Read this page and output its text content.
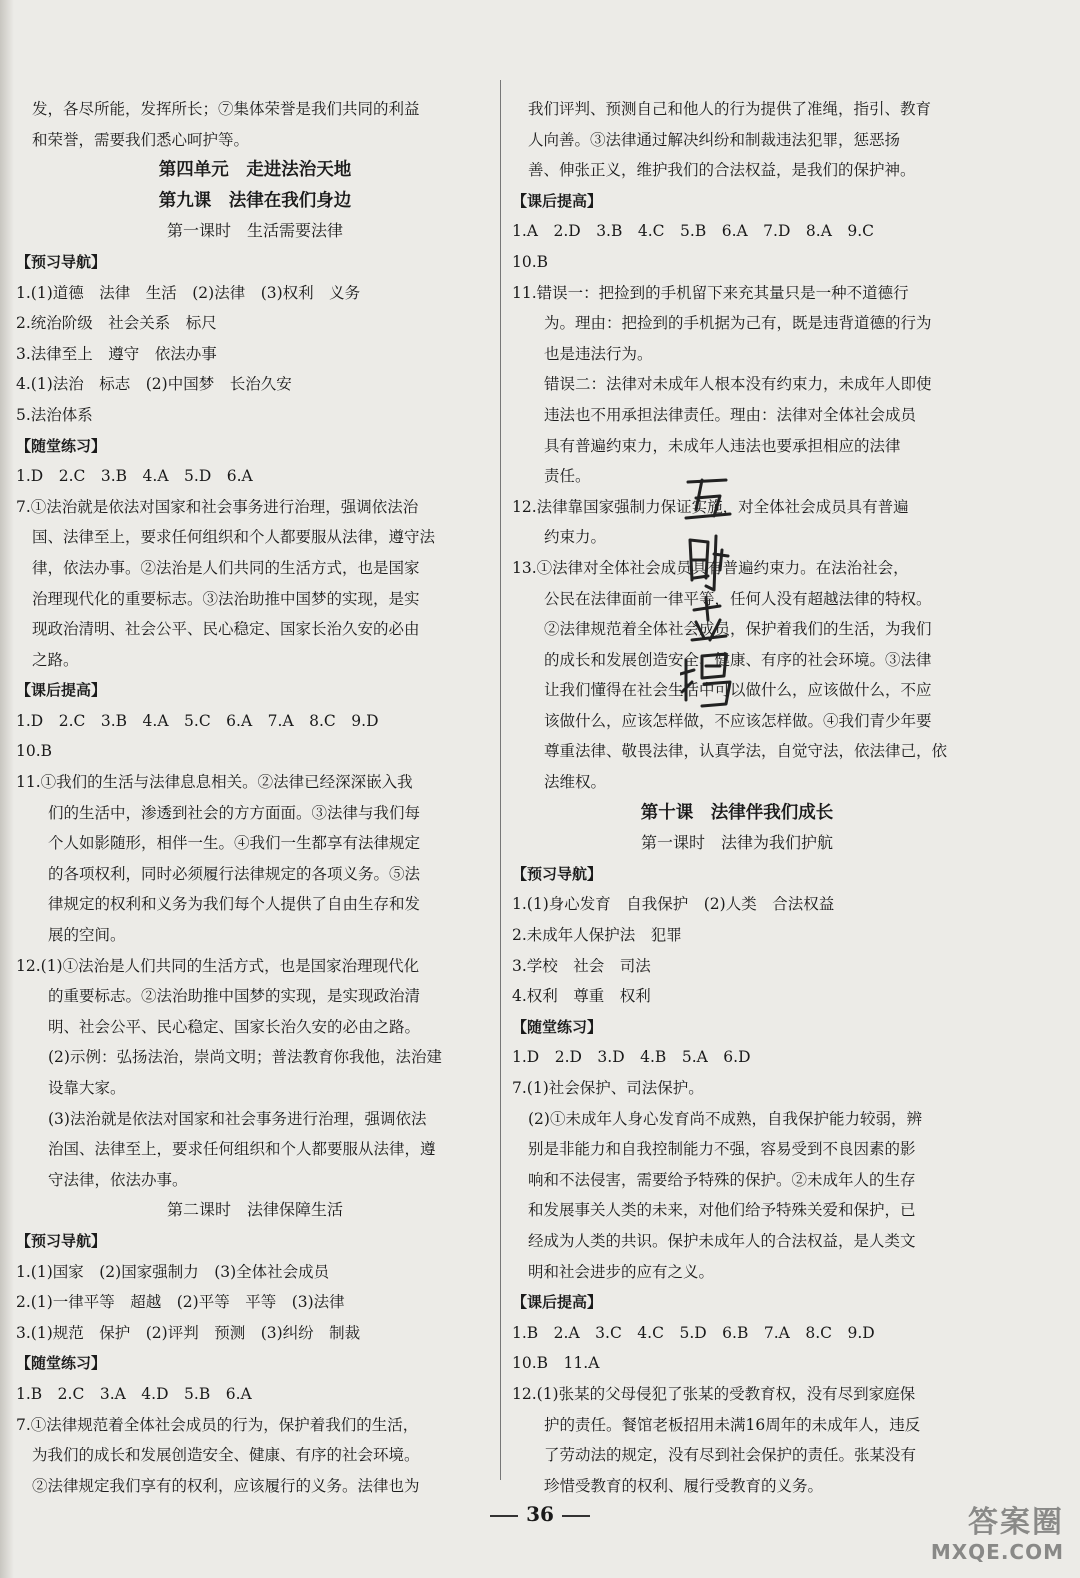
发，各尽所能，发挥所长；⑦集体荣誉是我们共同的利益
和荣誉，需要我们悉心呵护等。
第四单元　走进法治天地
第九课　法律在我们身边
第一课时　生活需要法律
【预习导航】
1.(1)道德　法律　生活　(2)法律　(3)权利　义务
2.统治阶级　社会关系　标尺
3.法律至上　遵守　依法办事
4.(1)法治　标志　(2)中国梦　长治久安
5.法治体系
【随堂练习】
1.D　2.C　3.B　4.A　5.D　6.A
7.①法治就是依法对国家和社会事务进行治理，强调依法治
国、法律至上，要求任何组织和个人都要服从法律，遵守法
律，依法办事。②法治是人们共同的生活方式，也是国家
治理现代化的重要标志。③法治助推中国梦的实现，是实
现政治清明、社会公平、民心稳定、国家长治久安的必由
之路。
【课后提高】
1.D　2.C　3.B　4.A　5.C　6.A　7.A　8.C　9.D
10.B
11.①我们的生活与法律息息相关。②法律已经深深嵌入我
们的生活中，渗透到社会的方方面面。③法律与我们每
个人如影随形，相伴一生。④我们一生都享有法律规定
的各项权利，同时必须履行法律规定的各项义务。⑤法
律规定的权利和义务为我们每个人提供了自由生存和发
展的空间。
12.(1)①法治是人们共同的生活方式，也是国家治理现代化
的重要标志。②法治助推中国梦的实现，是实现政治清
明、社会公平、民心稳定、国家长治久安的必由之路。
(2)示例：弘扬法治，崇尚文明；普法教育你我他，法治建
设靠大家。
(3)法治就是依法对国家和社会事务进行治理，强调依法
治国、法律至上，要求任何组织和个人都要服从法律，遵
守法律，依法办事。
第二课时　法律保障生活
【预习导航】
1.(1)国家　(2)国家强制力　(3)全体社会成员
2.(1)一律平等　超越　(2)平等　平等　(3)法律
3.(1)规范　保护　(2)评判　预测　(3)纠纷　制裁
【随堂练习】
1.B　2.C　3.A　4.D　5.B　6.A
7.①法律规范着全体社会成员的行为，保护着我们的生活，
为我们的成长和发展创造安全、健康、有序的社会环境。
②法律规定我们享有的权利，应该履行的义务。法律也为
我们评判、预测自己和他人的行为提供了准绳，指引、教育
人向善。③法律通过解决纠纷和制裁违法犯罪，惩恶扬
善、伸张正义，维护我们的合法权益，是我们的保护神。
【课后提高】
1.A　2.D　3.B　4.C　5.B　6.A　7.D　8.A　9.C
10.B
11.错误一：把捡到的手机留下来充其量只是一种不道德行
为。理由：把捡到的手机据为己有，既是违背道德的行为
也是违法行为。
错误二：法律对未成年人根本没有约束力，未成年人即使
违法也不用承担法律责任。理由：法律对全体社会成员
具有普遍约束力，未成年人违法也要承担相应的法律
责任。
12.法律靠国家强制力保证实施，对全体社会成员具有普遍
约束力。
13.①法律对全体社会成员具有普遍约束力。在法治社会，
公民在法律面前一律平等，任何人没有超越法律的特权。
②法律规范着全体社会成员，保护着我们的生活，为我们
的成长和发展创造安全、健康、有序的社会环境。③法律
让我们懂得在社会生活中可以做什么，应该做什么，不应
该做什么，应该怎样做，不应该怎样做。④我们青少年要
尊重法律、敬畏法律，认真学法，自觉守法，依法律己，依
法维权。
第十课　法律伴我们成长
第一课时　法律为我们护航
【预习导航】
1.(1)身心发育　自我保护　(2)人类　合法权益
2.未成年人保护法　犯罪
3.学校　社会　司法
4.权利　尊重　权利
【随堂练习】
1.D　2.D　3.D　4.B　5.A　6.D
7.(1)社会保护、司法保护。
(2)①未成年人身心发育尚不成熟，自我保护能力较弱，辨
别是非能力和自我控制能力不强，容易受到不良因素的影
响和不法侵害，需要给予特殊的保护。②未成年人的生存
和发展事关人类的未来，对他们给予特殊关爱和保护，已
经成为人类的共识。保护未成年人的合法权益，是人类文
明和社会进步的应有之义。
【课后提高】
1.B　2.A　3.C　4.C　5.D　6.B　7.A　8.C　9.D
10.B　11.A
12.(1)张某的父母侵犯了张某的受教育权，没有尽到家庭保
护的责任。餐馆老板招用未满16周年的未成年人，违反
了劳动法的规定，没有尽到社会保护的责任。张某没有
珍惜受教育的权利、履行受教育的义务。
36	答案圈
MXQE.COM
